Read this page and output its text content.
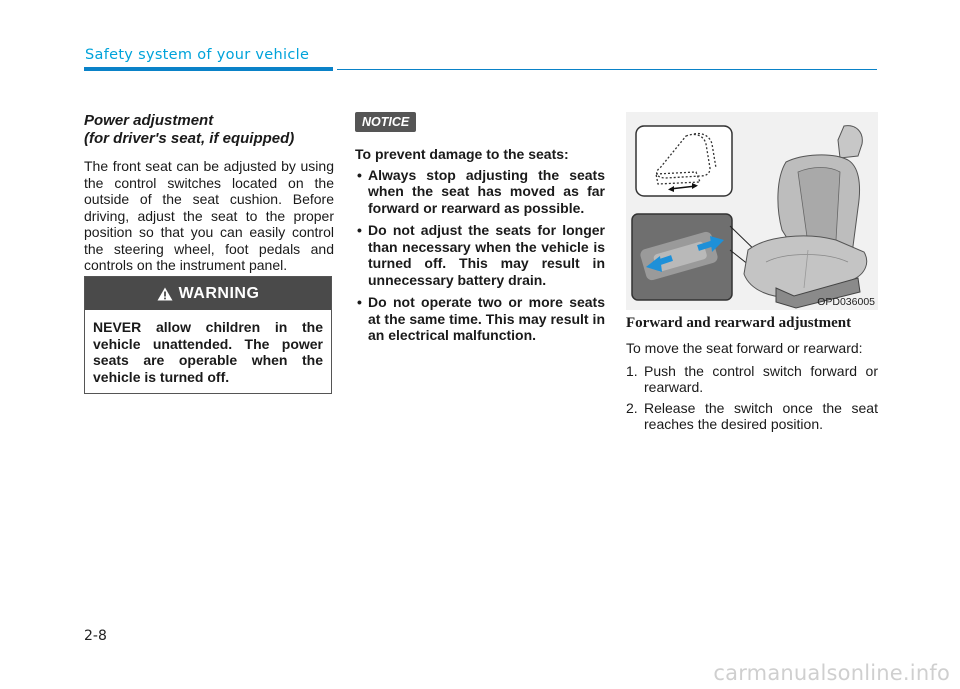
Safety system of your vehicle
Power adjustment
(for driver's seat, if equipped)

The front seat can be adjusted by using the control switches located on the outside of the seat cushion. Before driving, adjust the seat to the proper position so that you can easily control the steering wheel, foot pedals and controls on the instrument panel.

WARNING
NEVER allow children in the vehicle unattended. The power seats are operable when the vehicle is turned off.
NOTICE

To prevent damage to the seats:

• Always stop adjusting the seats when the seat has moved as far forward or rearward as possible.
• Do not adjust the seats for longer than necessary when the vehicle is turned off. This may result in unnecessary battery drain.
• Do not operate two or more seats at the same time. This may result in an electrical malfunction.
OPD036005
Forward and rearward adjustment

To move the seat forward or rearward:

1. Push the control switch forward or rearward.
2. Release the switch once the seat reaches the desired position.
2-8
carmanualsonline.info
